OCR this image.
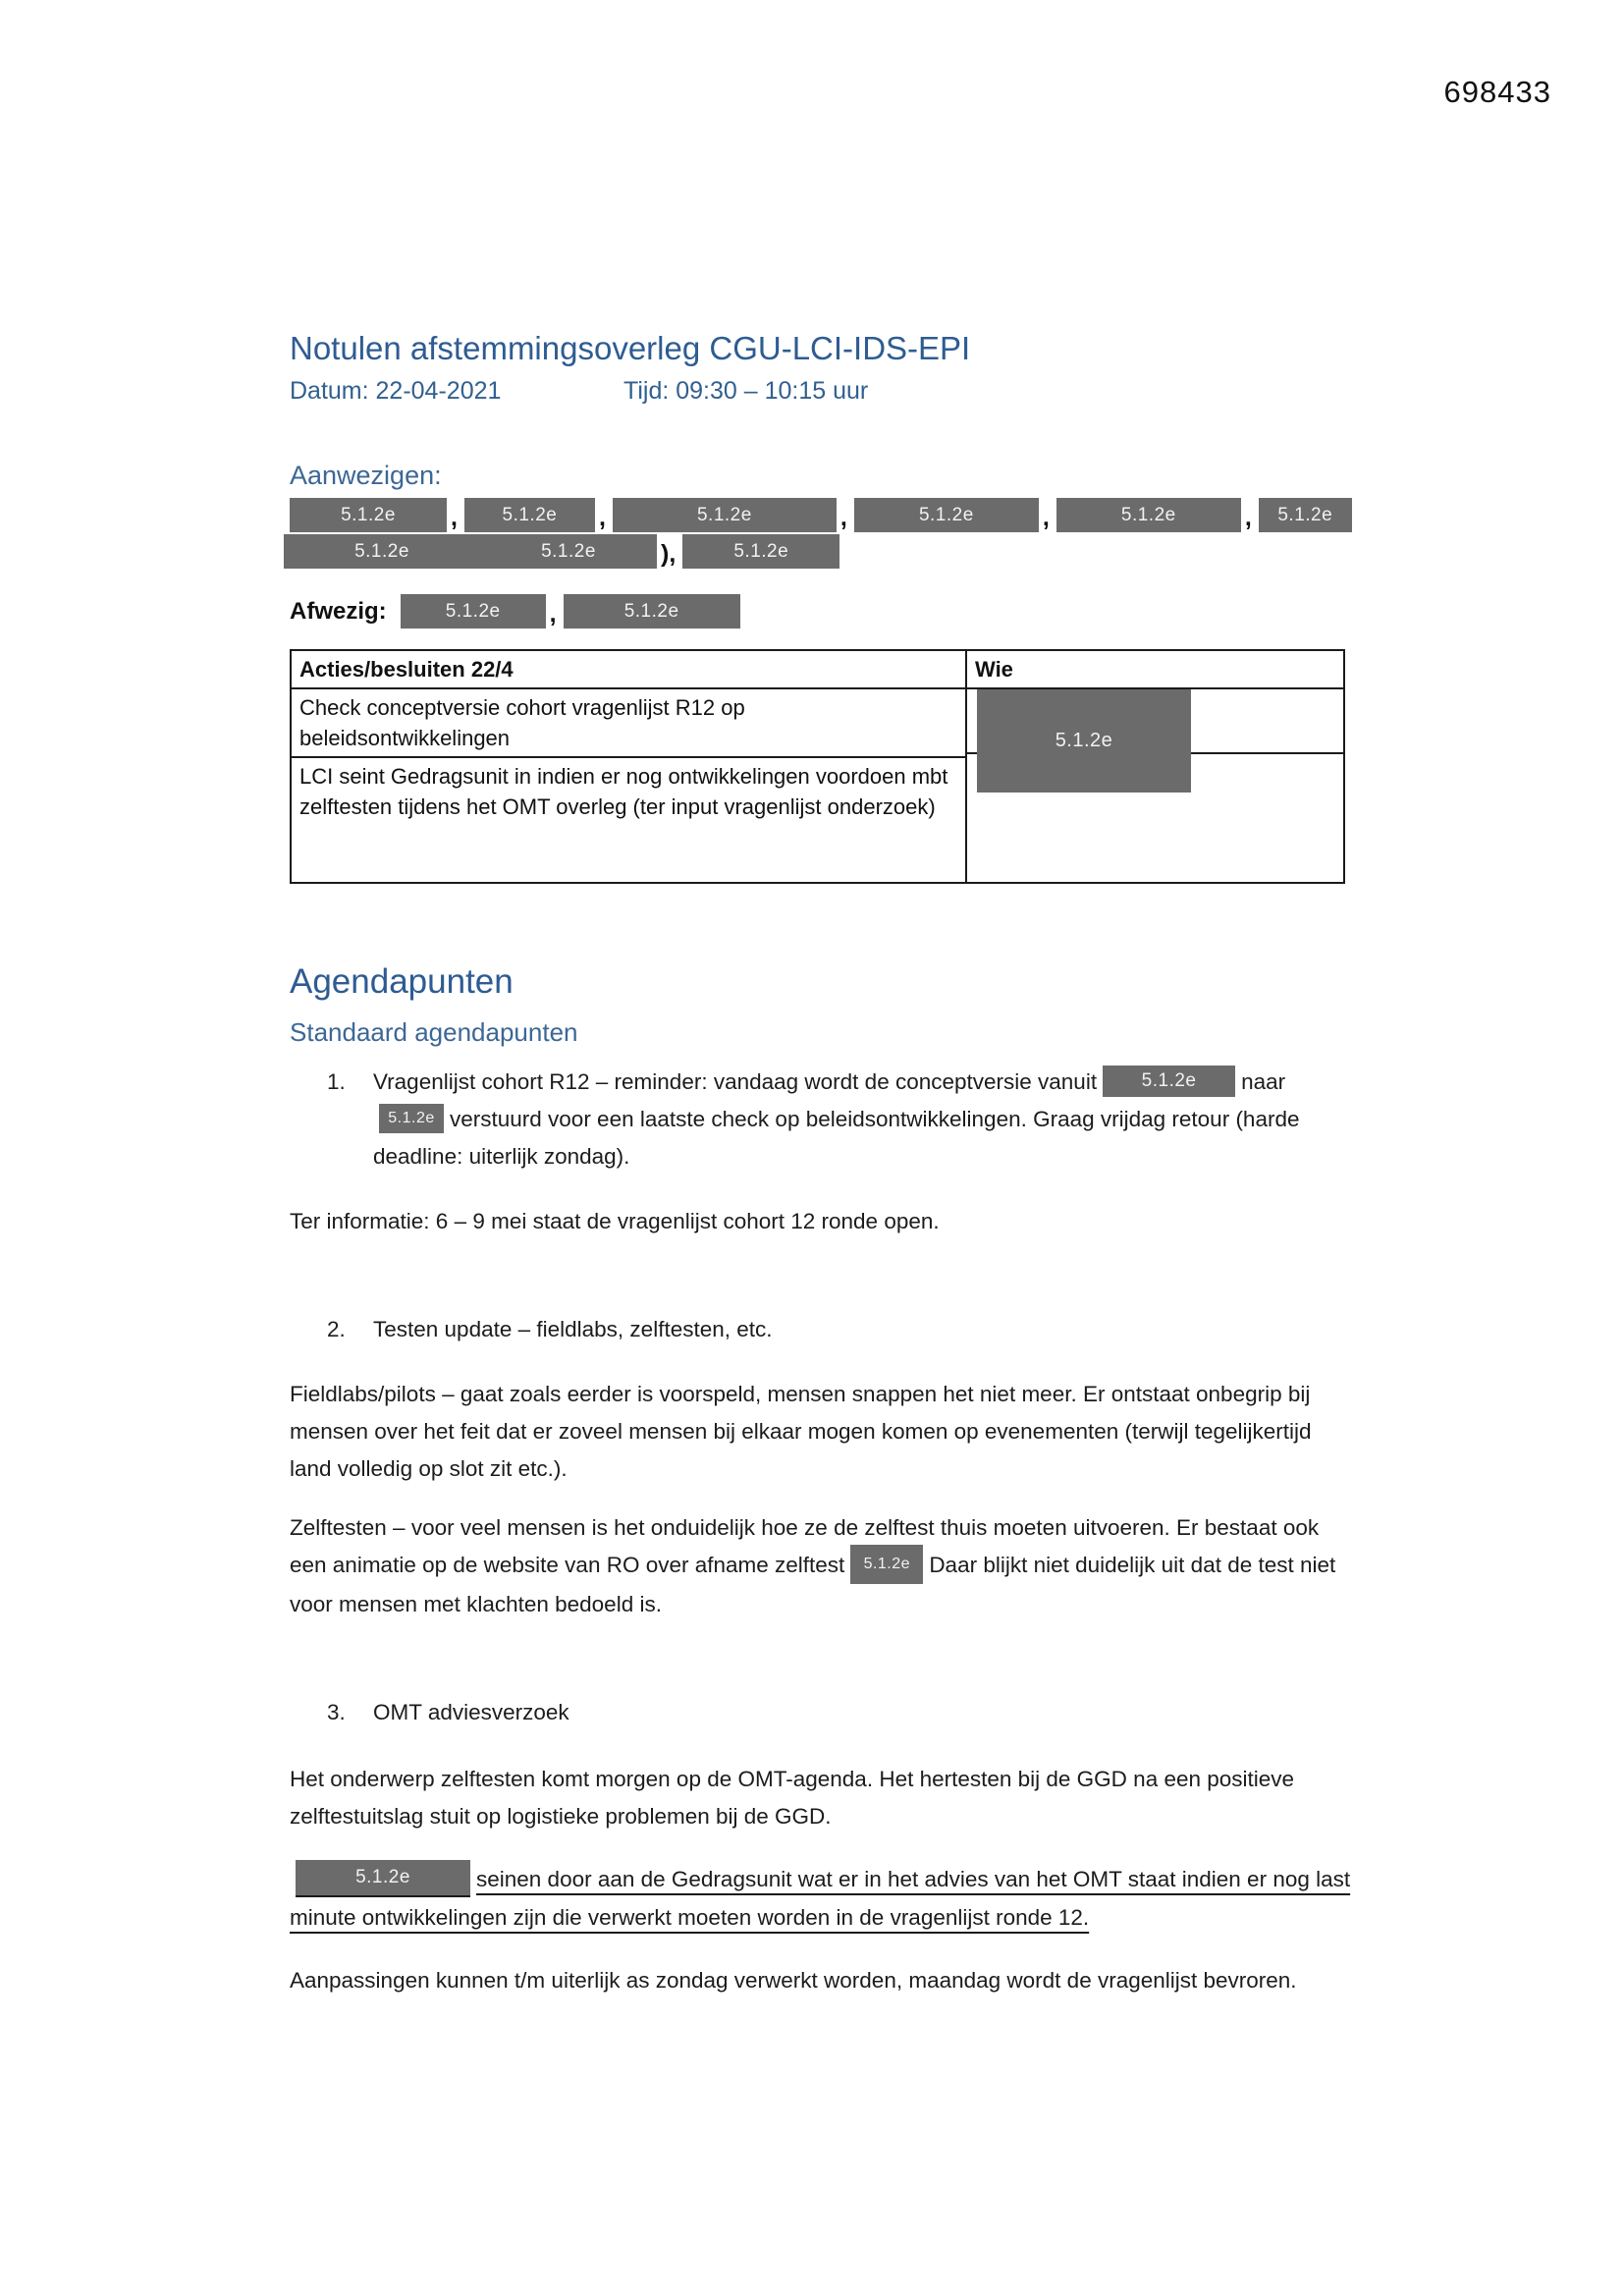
698433
Notulen afstemmingsoverleg CGU-LCI-IDS-EPI
Datum: 22-04-2021	Tijd: 09:30 – 10:15 uur
Aanwezigen:
5.1.2e	,	5.1.2e	,	5.1.2e	,	5.1.2e	,	5.1.2e	,	5.1.2e
5.1.2e	5.1.2e	),	5.1.2e
Afwezig:	5.1.2e	,	5.1.2e
Acties/besluiten 22/4	Wie
Check conceptversie cohort vragenlijst R12 op beleidsontwikkelingen	5.1.2e

LCI seint Gedragsunit in indien er nog ontwikkelingen voordoen mbt zelftesten tijdens het OMT overleg (ter input vragenlijst onderzoek)	
Agendapunten
Standaard agendapunten
1.	Vragenlijst cohort R12 – reminder: vandaag wordt de conceptversie vanuit 5.1.2e naar 5.1.2e verstuurd voor een laatste check op beleidsontwikkelingen. Graag vrijdag retour (harde deadline: uiterlijk zondag).

Ter informatie: 6 – 9 mei staat de vragenlijst cohort 12 ronde open.

2.	Testen update – fieldlabs, zelftesten, etc.

Fieldlabs/pilots – gaat zoals eerder is voorspeld, mensen snappen het niet meer. Er ontstaat onbegrip bij mensen over het feit dat er zoveel mensen bij elkaar mogen komen op evenementen (terwijl tegelijkertijd land volledig op slot zit etc.).

Zelftesten – voor veel mensen is het onduidelijk hoe ze de zelftest thuis moeten uitvoeren. Er bestaat ook een animatie op de website van RO over afname zelftest 5.1.2e Daar blijkt niet duidelijk uit dat de test niet voor mensen met klachten bedoeld is.

3.	OMT adviesverzoek

Het onderwerp zelftesten komt morgen op de OMT-agenda. Het hertesten bij de GGD na een positieve zelftestuitslag stuit op logistieke problemen bij de GGD.

5.1.2e	seinen door aan de Gedragsunit wat er in het advies van het OMT staat indien er nog last minute ontwikkelingen zijn die verwerkt moeten worden in de vragenlijst ronde 12.

Aanpassingen kunnen t/m uiterlijk as zondag verwerkt worden, maandag wordt de vragenlijst bevroren.
